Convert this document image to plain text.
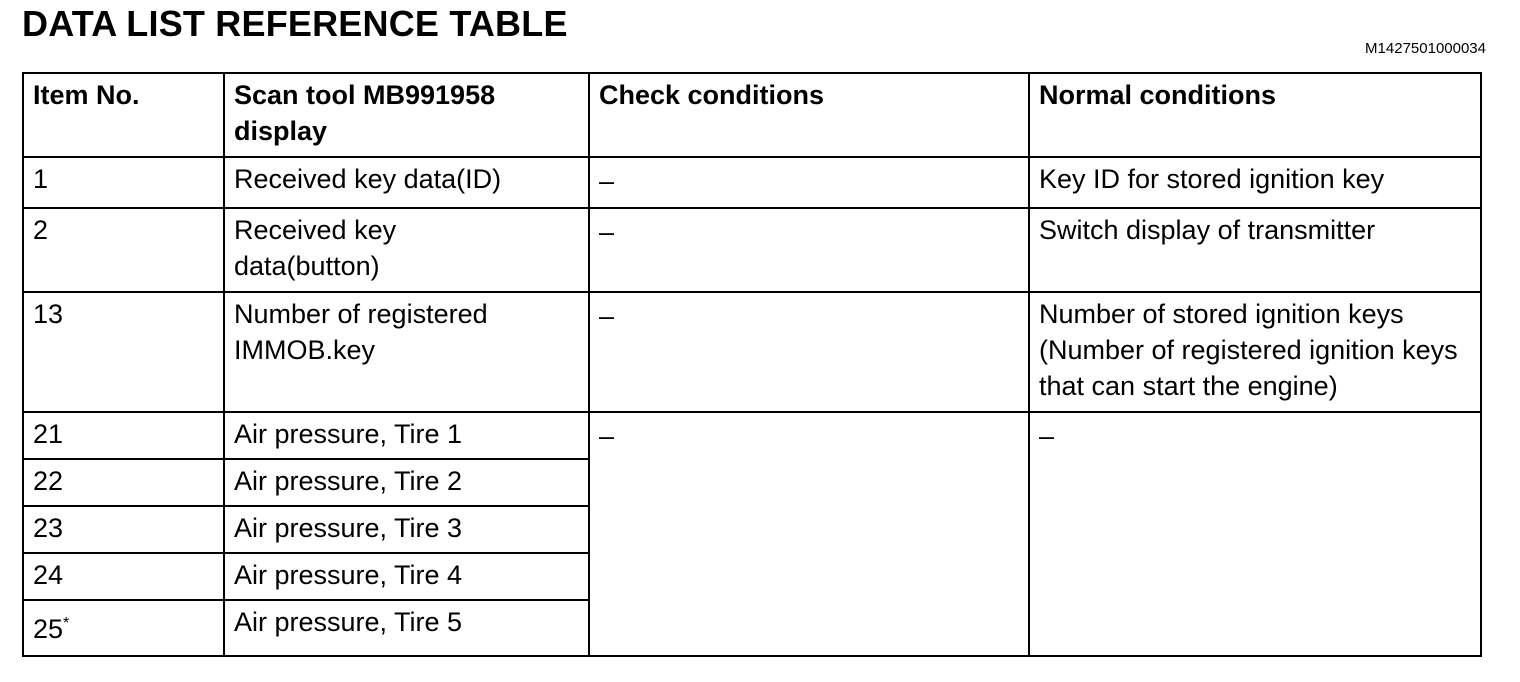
DATA LIST REFERENCE TABLE
M1427501000034
Item No.	Scan tool MB991958 display	Check conditions	Normal conditions
1	Received key data(ID)	–	Key ID for stored ignition key
2	Received key data(button)	–	Switch display of transmitter
13	Number of registered IMMOB.key	–	Number of stored ignition keys (Number of registered ignition keys that can start the engine)
21	Air pressure, Tire 1	–	–
22	Air pressure, Tire 2		
23	Air pressure, Tire 3		
24	Air pressure, Tire 4		
25*	Air pressure, Tire 5		
